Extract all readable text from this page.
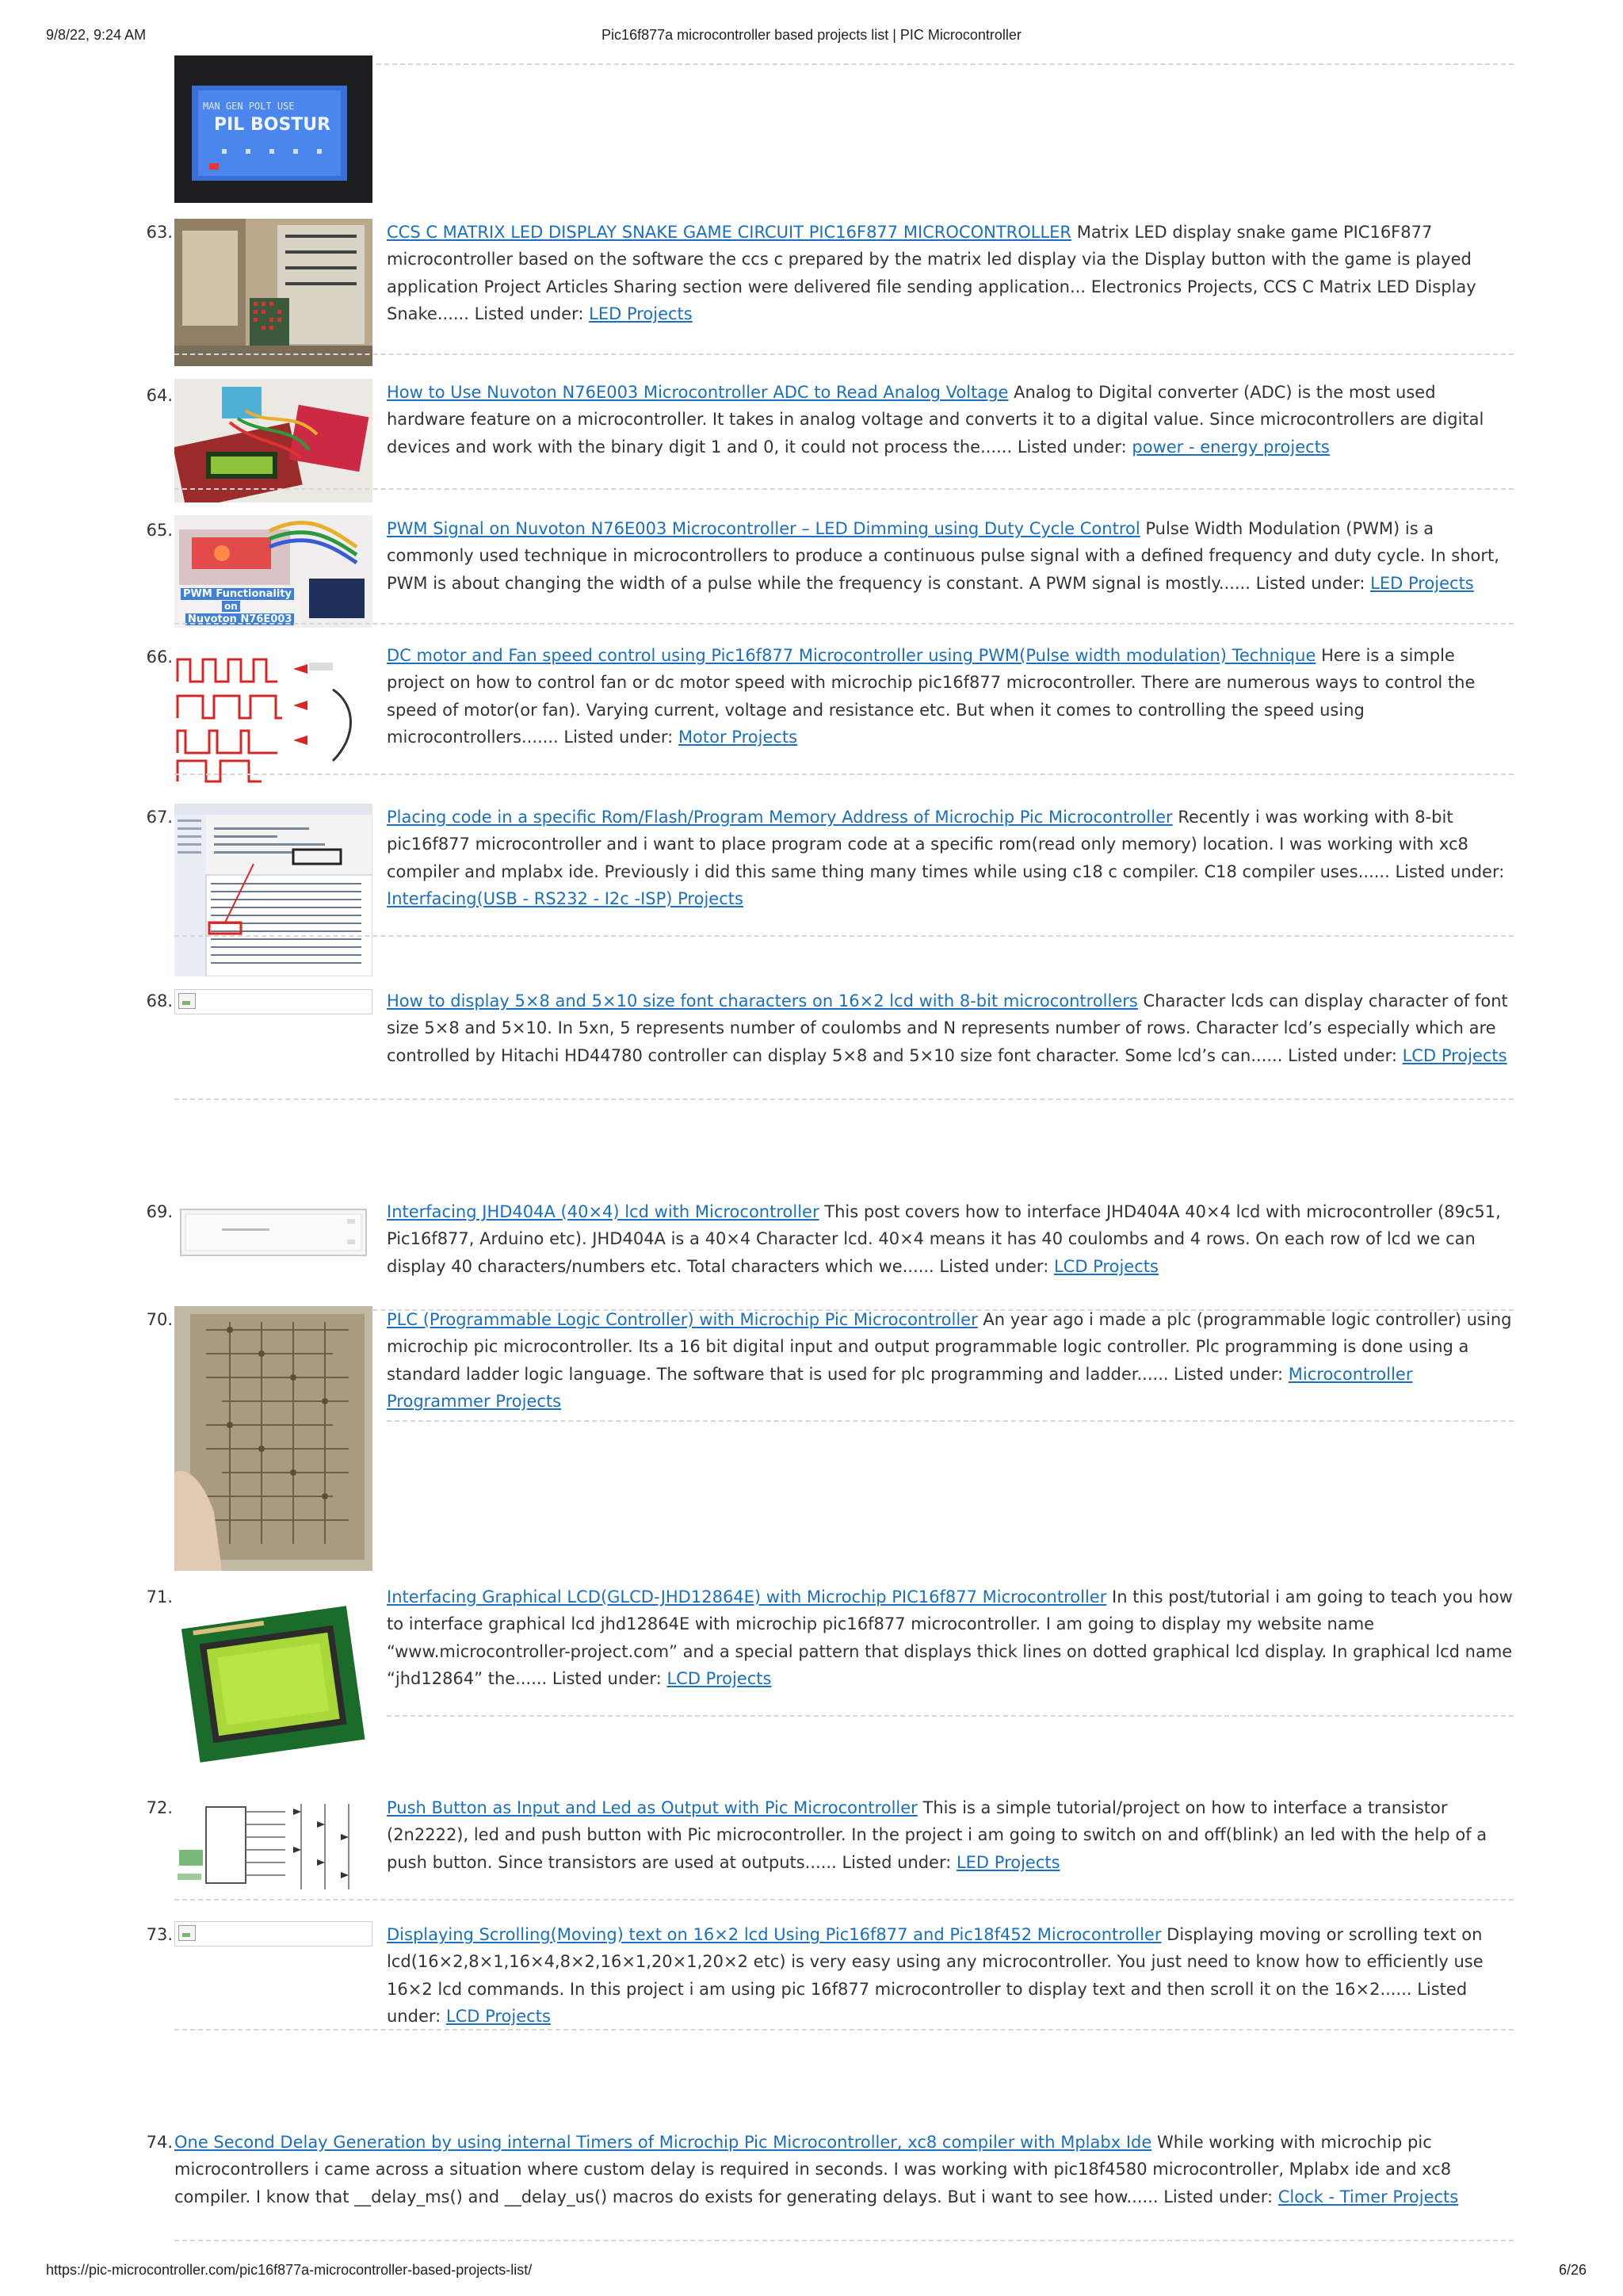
9/8/22, 9:24 AM	Pic16f877a microcontroller based projects list | PIC Microcontroller
MAN GEN POLT USE
PIL BOSTUR
63.	CCS C MATRIX LED DISPLAY SNAKE GAME CIRCUIT PIC16F877 MICROCONTROLLER Matrix LED display snake game PIC16F877 microcontroller based on the software the ccs c prepared by the matrix led display via the Display button with the game is played application Project Articles Sharing section were delivered file sending application... Electronics Projects, CCS C Matrix LED Display Snake...... Listed under: LED Projects
64.	How to Use Nuvoton N76E003 Microcontroller ADC to Read Analog Voltage Analog to Digital converter (ADC) is the most used hardware feature on a microcontroller. It takes in analog voltage and converts it to a digital value. Since microcontrollers are digital devices and work with the binary digit 1 and 0, it could not process the...... Listed under: power - energy projects
65.
PWM Functionality
on
Nuvoton N76E003
PWM Signal on Nuvoton N76E003 Microcontroller – LED Dimming using Duty Cycle Control Pulse Width Modulation (PWM) is a commonly used technique in microcontrollers to produce a continuous pulse signal with a defined frequency and duty cycle. In short, PWM is about changing the width of a pulse while the frequency is constant. A PWM signal is mostly...... Listed under: LED Projects
66.	DC motor and Fan speed control using Pic16f877 Microcontroller using PWM(Pulse width modulation) Technique Here is a simple project on how to control fan or dc motor speed with microchip pic16f877 microcontroller. There are numerous ways to control the speed of motor(or fan). Varying current, voltage and resistance etc. But when it comes to controlling the speed using microcontrollers....... Listed under: Motor Projects
67.	Placing code in a specific Rom/Flash/Program Memory Address of Microchip Pic Microcontroller Recently i was working with 8-bit pic16f877 microcontroller and i want to place program code at a specific rom(read only memory) location. I was working with xc8 compiler and mplabx ide. Previously i did this same thing many times while using c18 c compiler. C18 compiler uses...... Listed under: Interfacing(USB - RS232 - I2c -ISP) Projects
68.	How to display 5×8 and 5×10 size font characters on 16×2 lcd with 8-bit microcontrollers Character lcds can display character of font size 5×8 and 5×10. In 5xn, 5 represents number of coulombs and N represents number of rows. Character lcd’s especially which are controlled by Hitachi HD44780 controller can display 5×8 and 5×10 size font character. Some lcd’s can...... Listed under: LCD Projects
69.	Interfacing JHD404A (40×4) lcd with Microcontroller This post covers how to interface JHD404A 40×4 lcd with microcontroller (89c51, Pic16f877, Arduino etc). JHD404A is a 40×4 Character lcd. 40×4 means it has 40 coulombs and 4 rows. On each row of lcd we can display 40 characters/numbers etc. Total characters which we...... Listed under: LCD Projects
70.	PLC (Programmable Logic Controller) with Microchip Pic Microcontroller An year ago i made a plc (programmable logic controller) using microchip pic microcontroller. Its a 16 bit digital input and output programmable logic controller. Plc programming is done using a standard ladder logic language. The software that is used for plc programming and ladder...... Listed under: Microcontroller Programmer Projects
71.	Interfacing Graphical LCD(GLCD-JHD12864E) with Microchip PIC16f877 Microcontroller In this post/tutorial i am going to teach you how to interface graphical lcd jhd12864E with microchip pic16f877 microcontroller. I am going to display my website name “www.microcontroller-project.com” and a special pattern that displays thick lines on dotted graphical lcd display. In graphical lcd name “jhd12864” the...... Listed under: LCD Projects
72.	Push Button as Input and Led as Output with Pic Microcontroller This is a simple tutorial/project on how to interface a transistor (2n2222), led and push button with Pic microcontroller. In the project i am going to switch on and off(blink) an led with the help of a push button. Since transistors are used at outputs...... Listed under: LED Projects
73.	Displaying Scrolling(Moving) text on 16×2 lcd Using Pic16f877 and Pic18f452 Microcontroller Displaying moving or scrolling text on lcd(16×2,8×1,16×4,8×2,16×1,20×1,20×2 etc) is very easy using any microcontroller. You just need to know how to efficiently use 16×2 lcd commands. In this project i am using pic 16f877 microcontroller to display text and then scroll it on the 16×2...... Listed under: LCD Projects
74. One Second Delay Generation by using internal Timers of Microchip Pic Microcontroller, xc8 compiler with Mplabx Ide While working with microchip pic microcontrollers i came across a situation where custom delay is required in seconds. I was working with pic18f4580 microcontroller, Mplabx ide and xc8 compiler. I know that __delay_ms() and __delay_us() macros do exists for generating delays. But i want to see how...... Listed under: Clock - Timer Projects
https://pic-microcontroller.com/pic16f877a-microcontroller-based-projects-list/	6/26
